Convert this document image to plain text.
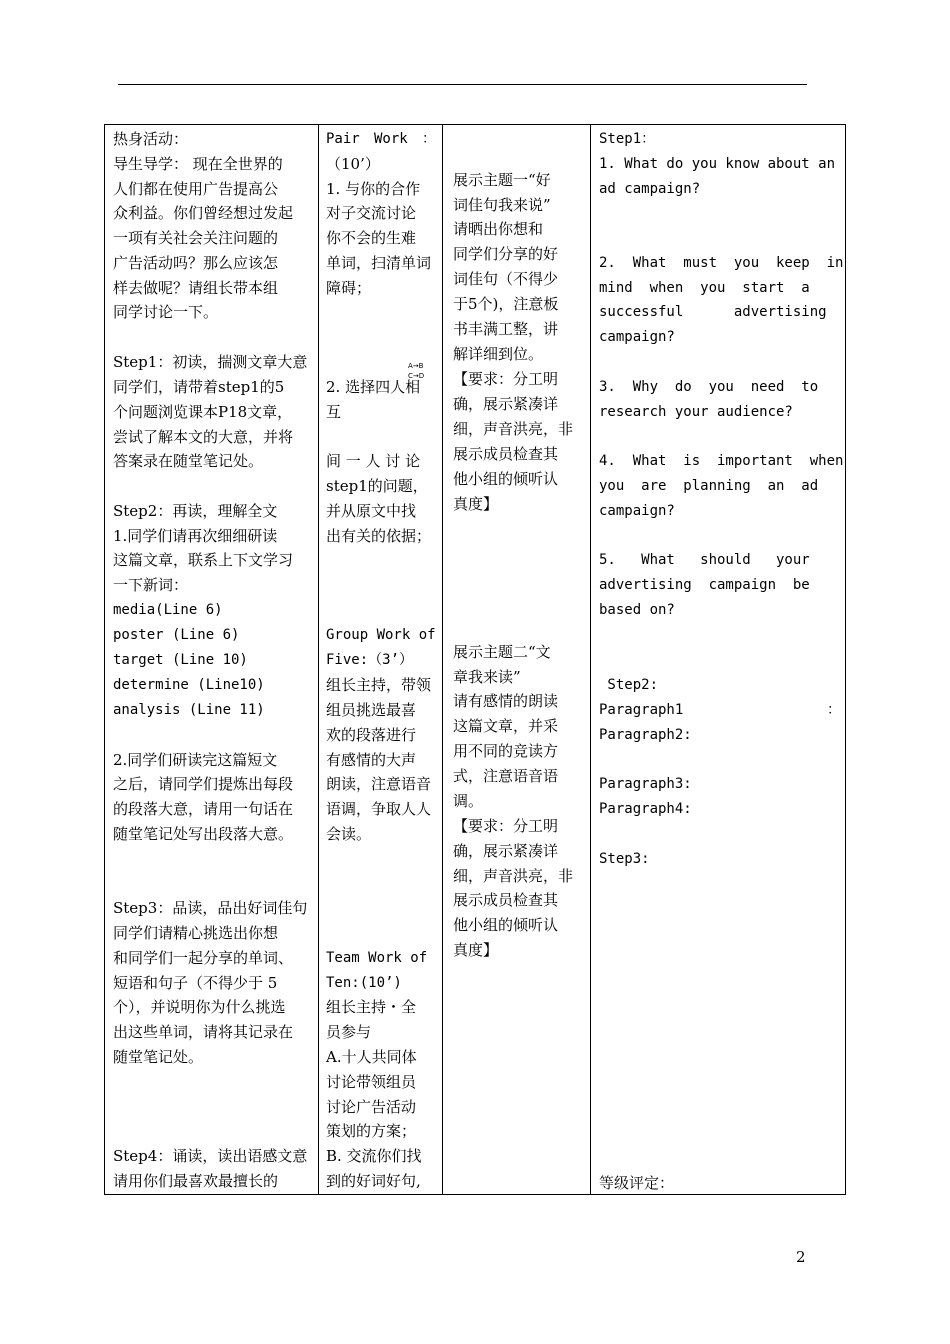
热身活动：
导生导学： 现在全世界的
人们都在使用广告提高公
众利益。你们曾经想过发起
一项有关社会关注问题的
广告活动吗？那么应该怎
样去做呢？请组长带本组
同学讨论一下。
Step1：初读，揣测文章大意
同学们，请带着step1的5
个问题浏览课本P18文章，
尝试了解本文的大意，并将
答案录在随堂笔记处。
Step2：再读，理解全文
1.同学们请再次细细研读
这篇文章，联系上下文学习
一下新词：
media(Line 6)
poster (Line 6)
target (Line 10)
determine (Line10)
analysis (Line 11)
2.同学们研读完这篇短文
之后，请同学们提炼出每段
的段落大意，请用一句话在
随堂笔记处写出段落大意。
Step3：品读，品出好词佳句
同学们请精心挑选出你想
和同学们一起分享的单词、
短语和句子（不得少于 5
个），并说明你为什么挑选
出这些单词，请将其记录在
随堂笔记处。
Step4：诵读，读出语感文意
请用你们最喜欢最擅长的
Pair Work ：
（10’）
1. 与你的合作
对子交流讨论
你不会的生难
单词，扫清单词
障碍；
A→B
C→D
2. 选择四人相
互
间 一 人 讨 论
step1的问题，
并从原文中找
出有关的依据；
Group Work of
Five:（3’）
组长主持，带领
组员挑选最喜
欢的段落进行
有感情的大声
朗读，注意语音
语调，争取人人
会读。
Team Work of
Ten:(10’)
组长主持・全
员参与
A.十人共同体
讨论带领组员
讨论广告活动
策划的方案；
B. 交流你们找
到的好词好句,
展示主题一“好
词佳句我来说”
请晒出你想和
同学们分享的好
词佳句（不得少
于5个)，注意板
书丰满工整，讲
解详细到位。
【要求：分工明
确，展示紧凑详
细，声音洪亮，非
展示成员检查其
他小组的倾听认
真度】
展示主题二“文
章我来读”
请有感情的朗读
这篇文章，并采
用不同的竞读方
式，注意语音语
调。
【要求：分工明
确，展示紧凑详
细，声音洪亮，非
展示成员检查其
他小组的倾听认
真度】
Step1：
1. What do you know about an
ad campaign?
2.  What  must  you  keep  in
mind  when  you  start  a
successful      advertising
campaign?
3.  Why  do  you  need  to
research your audience?
4.  What  is  important  when
you  are  planning  an  ad
campaign?
5.   What   should   your
advertising  campaign  be
based on?
Step2:
Paragraph1	：
Paragraph2:
Paragraph3:
Paragraph4:
Step3:
等级评定：
2
